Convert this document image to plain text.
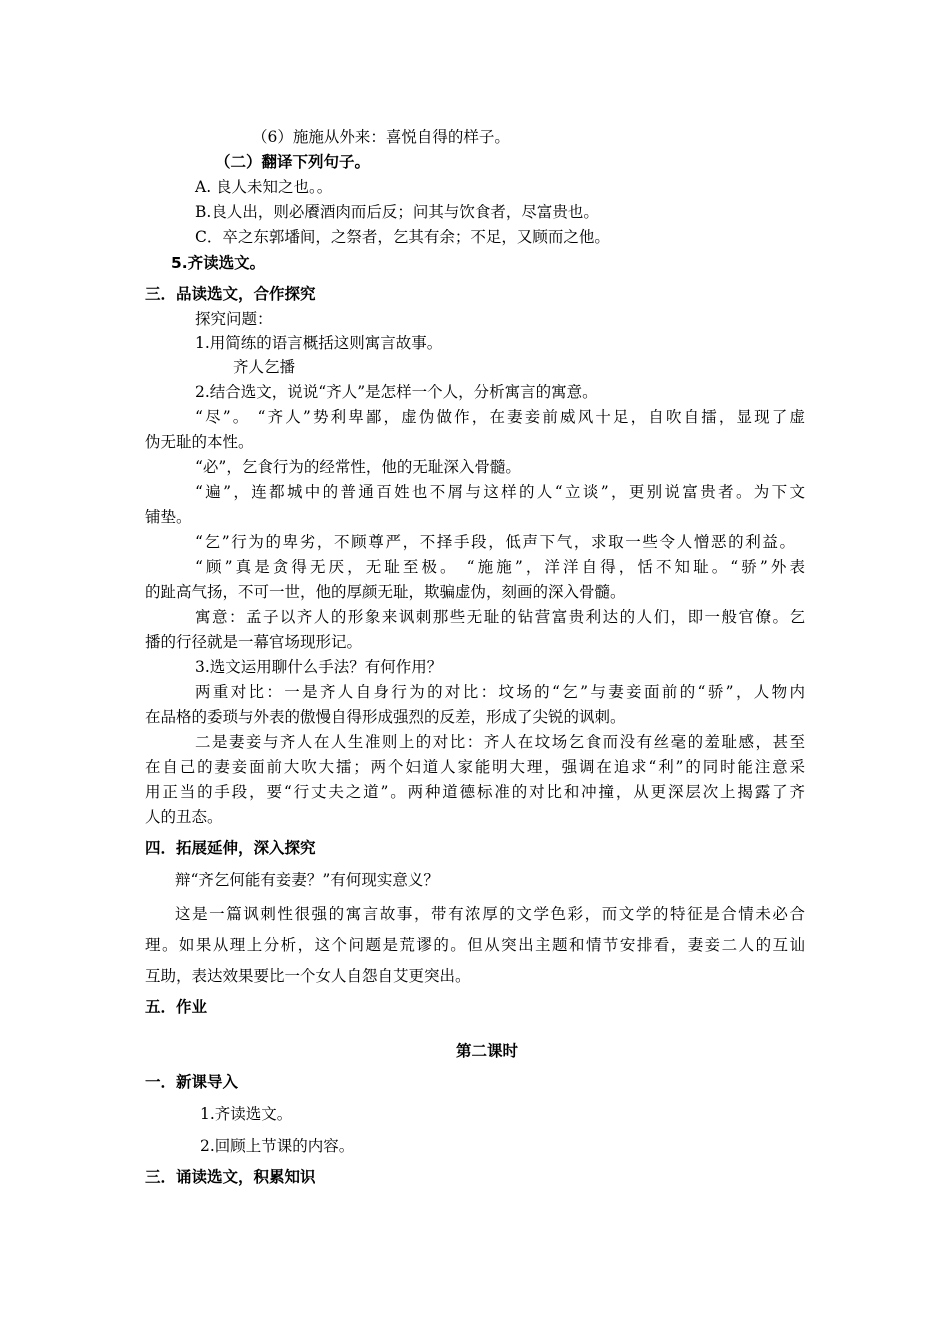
（6）施施从外来：喜悦自得的样子。
（二）翻译下列句子。
A. 良人未知之也。。
B.良人出，则必餍酒肉而后反；问其与饮食者，尽富贵也。
C．卒之东郭墦间，之祭者，乞其有余；不足，又顾而之他。
5.齐读选文。
三．品读选文，合作探究
探究问题：
1.用简练的语言概括这则寓言故事。
齐人乞播
2.结合选文，说说“齐人”是怎样一个人，分析寓言的寓意。
“尽”。 “齐人”势利卑鄙，虚伪做作，在妻妾前威风十足，自吹自擂，显现了虚
伪无耻的本性。
“必”，乞食行为的经常性，他的无耻深入骨髓。
“遍”，连都城中的普通百姓也不屑与这样的人“立谈”，更别说富贵者。为下文
铺垫。
“乞”行为的卑劣，不顾尊严，不择手段，低声下气，求取一些令人憎恶的利益。
“顾”真是贪得无厌，无耻至极。 “施施”，洋洋自得，恬不知耻。“骄”外表
的趾高气扬，不可一世，他的厚颜无耻，欺骗虚伪，刻画的深入骨髓。
寓意：孟子以齐人的形象来讽刺那些无耻的钻营富贵利达的人们，即一般官僚。乞
播的行径就是一幕官场现形记。
3.选文运用聊什么手法？有何作用？
两重对比：一是齐人自身行为的对比：坟场的“乞”与妻妾面前的“骄”，人物内
在品格的委琐与外表的傲慢自得形成强烈的反差，形成了尖锐的讽刺。
二是妻妾与齐人在人生准则上的对比：齐人在坟场乞食而没有丝毫的羞耻感，甚至
在自己的妻妾面前大吹大擂；两个妇道人家能明大理，强调在追求“利”的同时能注意采
用正当的手段，要“行丈夫之道”。两种道德标准的对比和冲撞，从更深层次上揭露了齐
人的丑态。
四．拓展延伸，深入探究
辩“齐乞何能有妾妻？”有何现实意义？
这是一篇讽刺性很强的寓言故事，带有浓厚的文学色彩，而文学的特征是合情未必合
理。如果从理上分析，这个问题是荒谬的。但从突出主题和情节安排看，妻妾二人的互讪
互助，表达效果要比一个女人自怨自艾更突出。
五．作业
第二课时
一．新课导入
1.齐读选文。
2.回顾上节课的内容。
三．诵读选文，积累知识
